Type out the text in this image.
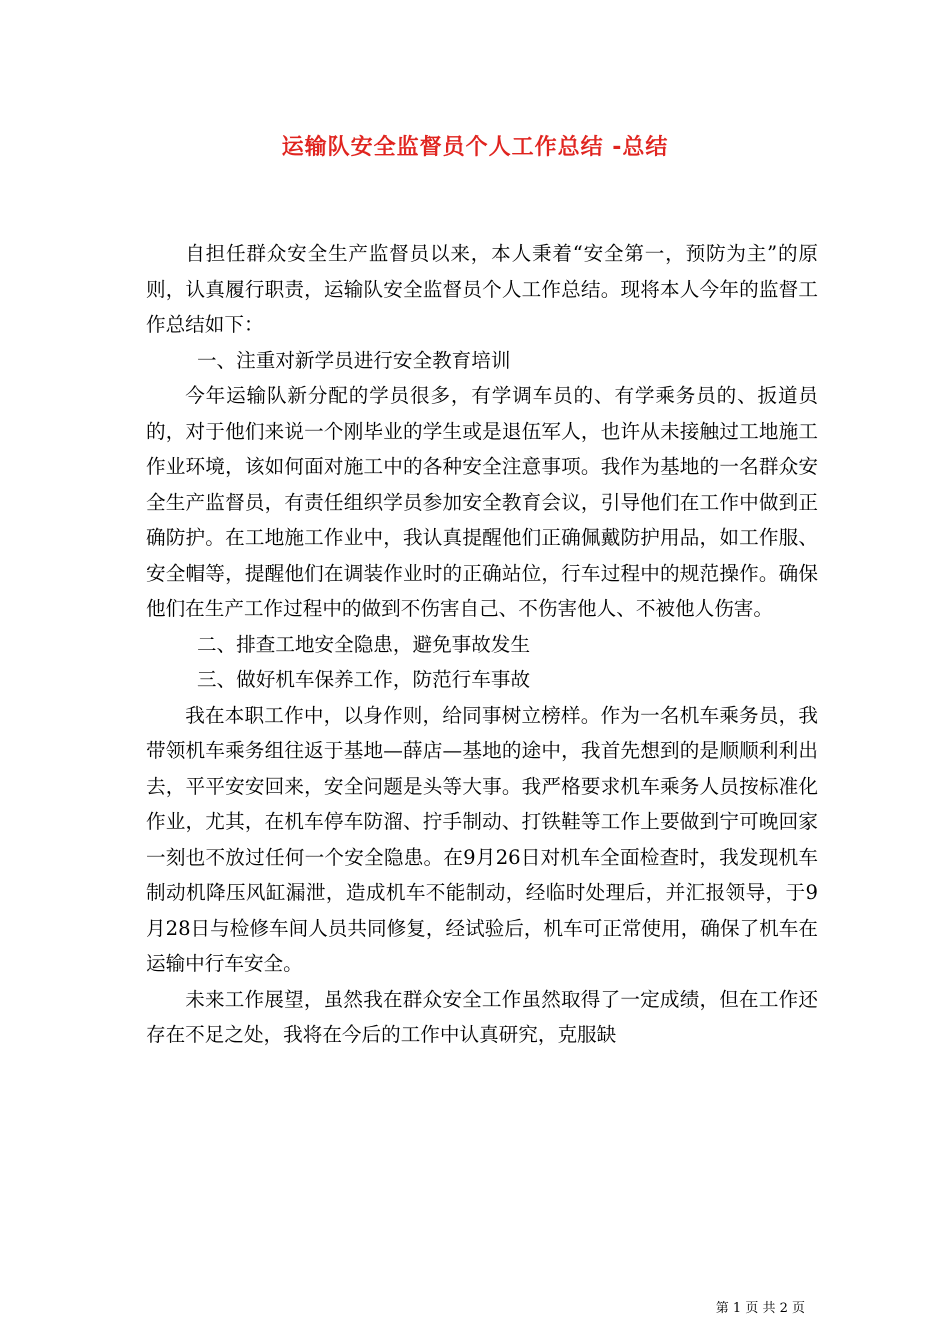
运输队安全监督员个人工作总结 -总结

自担任群众安全生产监督员以来，本人秉着“安全第一，预防为主”的原则，认真履行职责，运输队安全监督员个人工作总结。现将本人今年的监督工作总结如下：

一、注重对新学员进行安全教育培训

今年运输队新分配的学员很多，有学调车员的、有学乘务员的、扳道员的，对于他们来说一个刚毕业的学生或是退伍军人，也许从未接触过工地施工作业环境，该如何面对施工中的各种安全注意事项。我作为基地的一名群众安全生产监督员，有责任组织学员参加安全教育会议，引导他们在工作中做到正确防护。在工地施工作业中，我认真提醒他们正确佩戴防护用品，如工作服、安全帽等，提醒他们在调装作业时的正确站位，行车过程中的规范操作。确保他们在生产工作过程中的做到不伤害自己、不伤害他人、不被他人伤害。

二、排查工地安全隐患，避免事故发生

三、做好机车保养工作，防范行车事故

我在本职工作中，以身作则，给同事树立榜样。作为一名机车乘务员，我带领机车乘务组往返于基地—薛店—基地的途中，我首先想到的是顺顺利利出去，平平安安回来，安全问题是头等大事。我严格要求机车乘务人员按标准化作业，尤其，在机车停车防溜、拧手制动、打铁鞋等工作上要做到宁可晚回家一刻也不放过任何一个安全隐患。在9月26日对机车全面检查时，我发现机车制动机降压风缸漏泄，造成机车不能制动，经临时处理后，并汇报领导，于9月28日与检修车间人员共同修复，经试验后，机车可正常使用，确保了机车在运输中行车安全。

未来工作展望，虽然我在群众安全工作虽然取得了一定成绩，但在工作还存在不足之处，我将在今后的工作中认真研究，克服缺

第 1 页 共 2 页
